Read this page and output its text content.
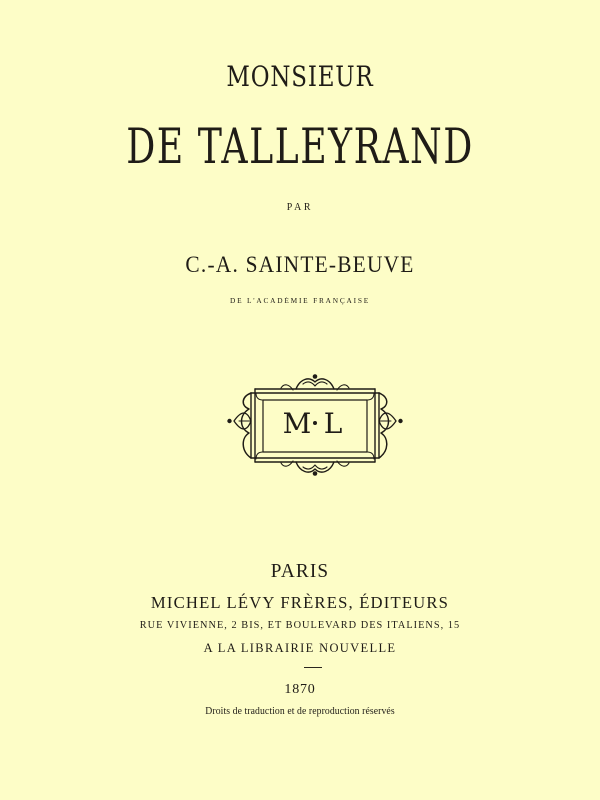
MONSIEUR
DE TALLEYRAND
PAR
C.-A. SAINTE-BEUVE
DE L'ACADÉMIE FRANÇAISE
M L
PARIS
MICHEL LÉVY FRÈRES, ÉDITEURS
RUE VIVIENNE, 2 BIS, ET BOULEVARD DES ITALIENS, 15
A LA LIBRAIRIE NOUVELLE
1870
Droits de traduction et de reproduction réservés
